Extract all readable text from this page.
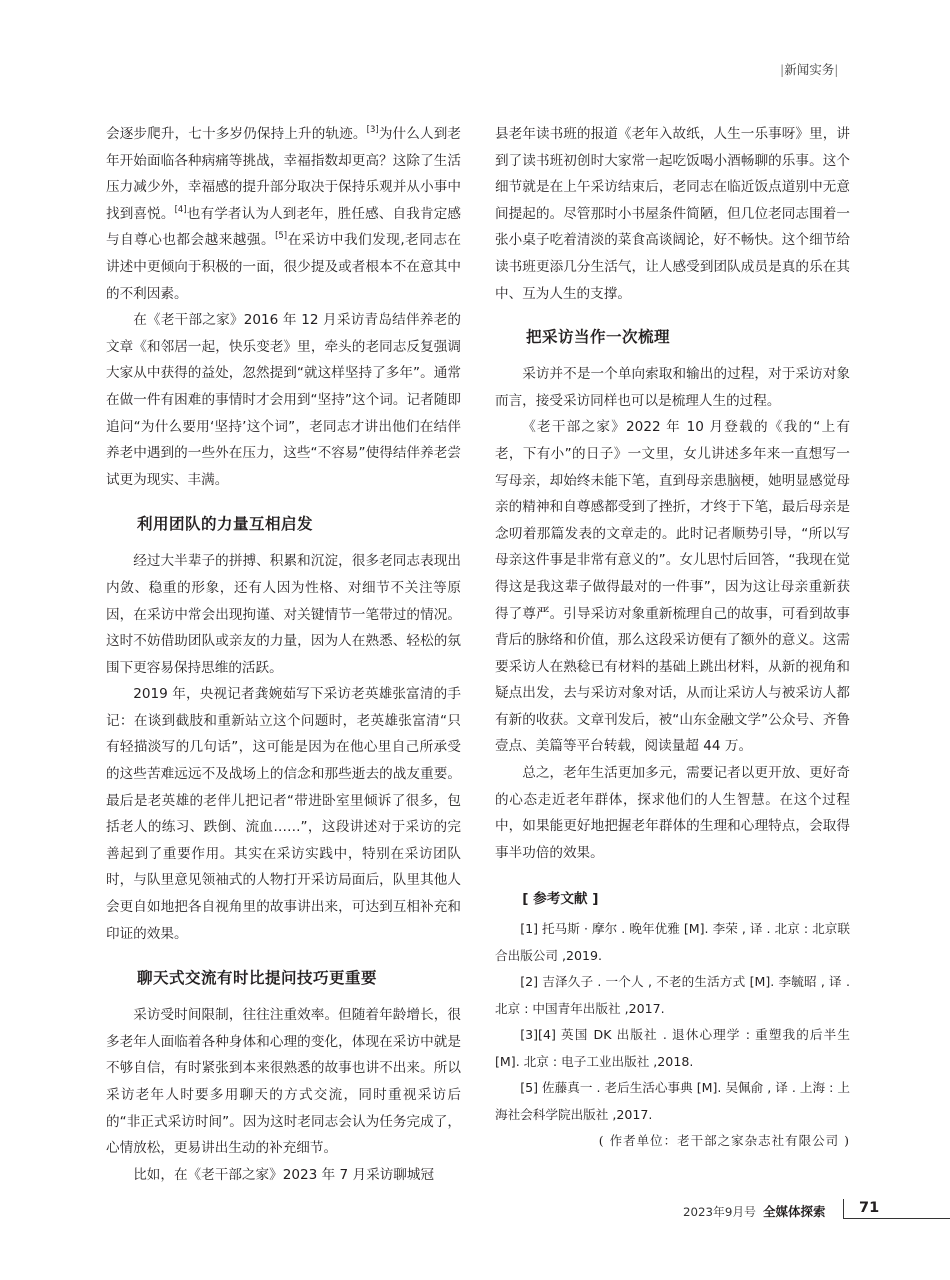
|新闻实务|

会逐步爬升，七十多岁仍保持上升的轨迹。[3]为什么人到老年开始面临各种病痛等挑战，幸福指数却更高？这除了生活压力减少外，幸福感的提升部分取决于保持乐观并从小事中找到喜悦。[4]也有学者认为人到老年，胜任感、自我肯定感与自尊心也都会越来越强。[5]在采访中我们发现,老同志在讲述中更倾向于积极的一面，很少提及或者根本不在意其中的不利因素。

在《老干部之家》2016 年 12 月采访青岛结伴养老的文章《和邻居一起，快乐变老》里，牵头的老同志反复强调大家从中获得的益处，忽然提到“就这样坚持了多年”。通常在做一件有困难的事情时才会用到“坚持”这个词。记者随即追问“为什么要用‘坚持’这个词”，老同志才讲出他们在结伴养老中遇到的一些外在压力，这些“不容易”使得结伴养老尝试更为现实、丰满。

利用团队的力量互相启发

经过大半辈子的拼搏、积累和沉淀，很多老同志表现出内敛、稳重的形象，还有人因为性格、对细节不关注等原因，在采访中常会出现拘谨、对关键情节一笔带过的情况。这时不妨借助团队或亲友的力量，因为人在熟悉、轻松的氛围下更容易保持思维的活跃。

2019 年，央视记者龚婉茹写下采访老英雄张富清的手记：在谈到截肢和重新站立这个问题时，老英雄张富清“只有轻描淡写的几句话”，这可能是因为在他心里自己所承受的这些苦难远远不及战场上的信念和那些逝去的战友重要。最后是老英雄的老伴儿把记者“带进卧室里倾诉了很多，包括老人的练习、跌倒、流血……”，这段讲述对于采访的完善起到了重要作用。其实在采访实践中，特别在采访团队时，与队里意见领袖式的人物打开采访局面后，队里其他人会更自如地把各自视角里的故事讲出来，可达到互相补充和印证的效果。

聊天式交流有时比提问技巧更重要

采访受时间限制，往往注重效率。但随着年龄增长，很多老年人面临着各种身体和心理的变化，体现在采访中就是不够自信，有时紧张到本来很熟悉的故事也讲不出来。所以采访老年人时要多用聊天的方式交流，同时重视采访后的“非正式采访时间”。因为这时老同志会认为任务完成了，心情放松，更易讲出生动的补充细节。

比如，在《老干部之家》2023 年 7 月采访聊城冠

县老年读书班的报道《老年入故纸，人生一乐事呀》里，讲到了读书班初创时大家常一起吃饭喝小酒畅聊的乐事。这个细节就是在上午采访结束后，老同志在临近饭点道别中无意间提起的。尽管那时小书屋条件简陋，但几位老同志围着一张小桌子吃着清淡的菜食高谈阔论，好不畅快。这个细节给读书班更添几分生活气，让人感受到团队成员是真的乐在其中、互为人生的支撑。

把采访当作一次梳理

采访并不是一个单向索取和输出的过程，对于采访对象而言，接受采访同样也可以是梳理人生的过程。

《老干部之家》2022 年 10 月登载的《我的“上有老，下有小”的日子》一文里，女儿讲述多年来一直想写一写母亲，却始终未能下笔，直到母亲患脑梗，她明显感觉母亲的精神和自尊感都受到了挫折，才终于下笔，最后母亲是念叨着那篇发表的文章走的。此时记者顺势引导，“所以写母亲这件事是非常有意义的”。女儿思忖后回答，“我现在觉得这是我这辈子做得最对的一件事”，因为这让母亲重新获得了尊严。引导采访对象重新梳理自己的故事，可看到故事背后的脉络和价值，那么这段采访便有了额外的意义。这需要采访人在熟稔已有材料的基础上跳出材料，从新的视角和疑点出发，去与采访对象对话，从而让采访人与被采访人都有新的收获。文章刊发后，被“山东金融文学”公众号、齐鲁壹点、美篇等平台转载，阅读量超 44 万。

总之，老年生活更加多元，需要记者以更开放、更好奇的心态走近老年群体，探求他们的人生智慧。在这个过程中，如果能更好地把握老年群体的生理和心理特点，会取得事半功倍的效果。

[ 参考文献 ]

[1] 托马斯 · 摩尔 . 晚年优雅 [M]. 李荣 , 译 . 北京 : 北京联合出版公司 ,2019.

[2] 吉泽久子 . 一个人 , 不老的生活方式 [M]. 李毓昭 , 译 . 北京 : 中国青年出版社 ,2017.

[3][4] 英国 DK 出版社 . 退休心理学 : 重塑我的后半生 [M]. 北京 : 电子工业出版社 ,2018.

[5] 佐藤真一 . 老后生活心事典 [M]. 吴佩俞 , 译 . 上海 : 上海社会科学院出版社 ,2017.

( 作者单位：老干部之家杂志社有限公司 )

2023年9月号 全媒体探索 71
